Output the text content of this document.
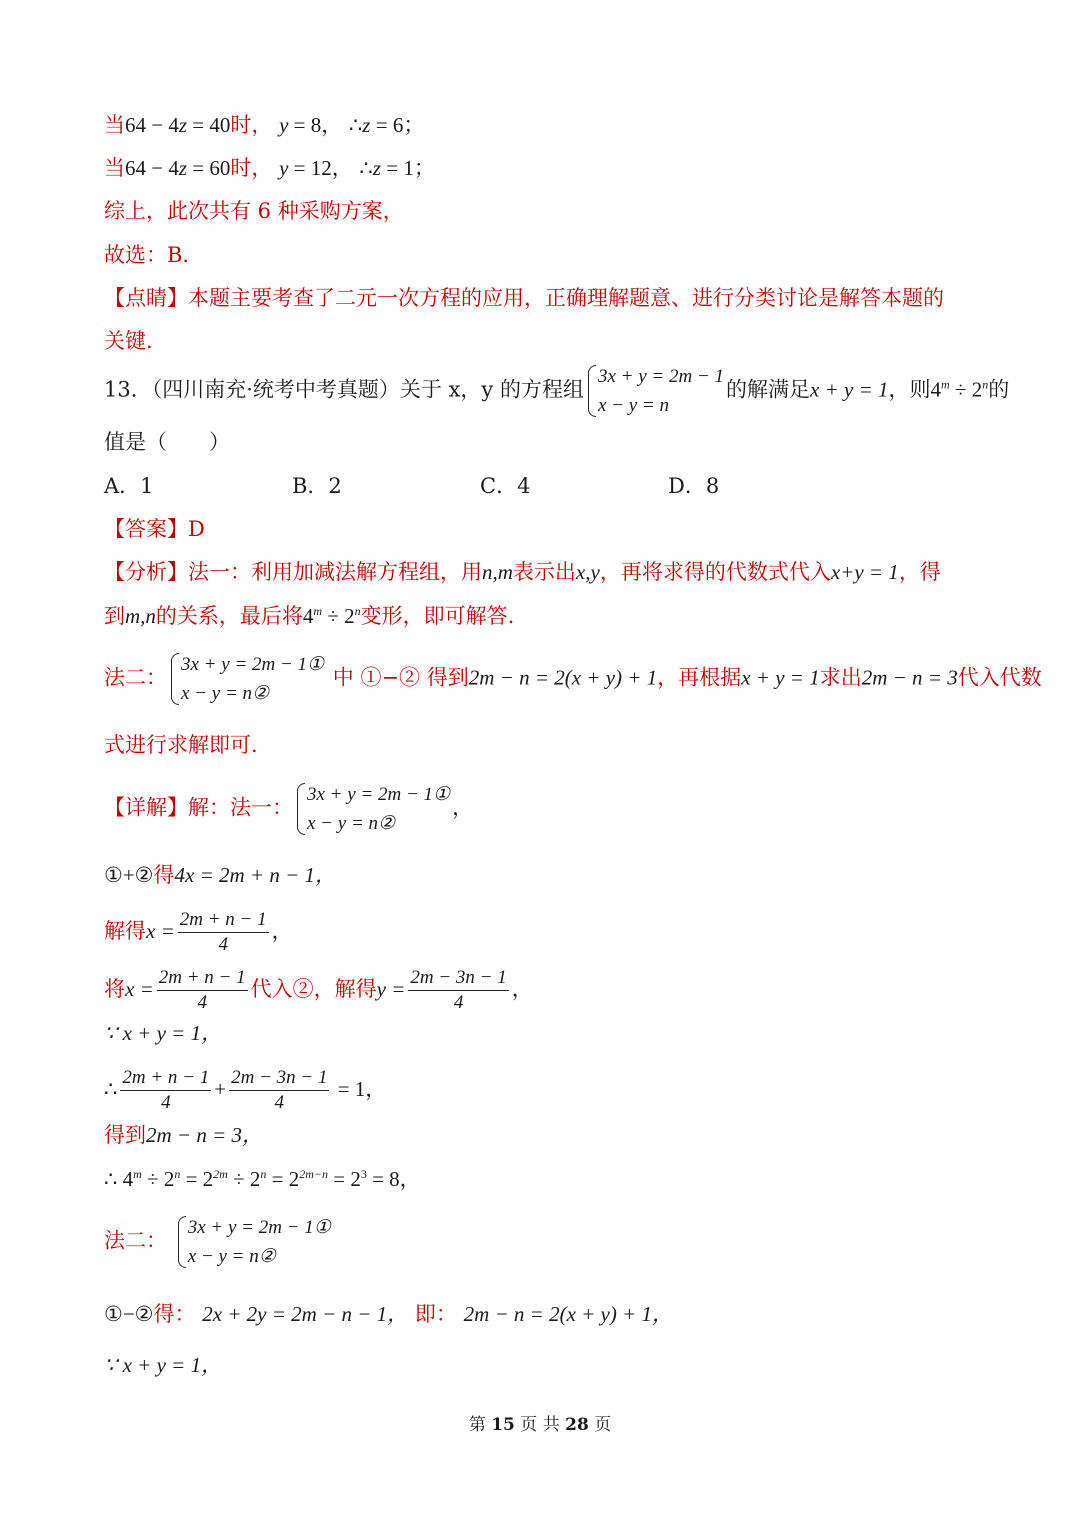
当64 − 4z = 40时， y = 8， ∴z = 6；
当64 − 4z = 60时， y = 12， ∴z = 1；
综上，此次共有 6 种采购方案，
故选：B.
【点睛】本题主要考查了二元一次方程的应用，正确理解题意、进行分类讨论是解答本题的
关键.
13．（四川南充·统考中考真题）关于 x，y 的方程组
3x + y = 2m − 1
x − y = n
的解满足x + y = 1，则$4^m \div 2^n$的
值是（　　）
A．1	B．2	C．4	D．8
【答案】D
【分析】法一：利用加减法解方程组，用n,m表示出x,y，再将求得的代数式代入x+y = 1，得
到m,n的关系，最后将$4^m \div 2^n$变形，即可解答.
法二：
3x + y = 2m − 1①
x − y = n②
中 ①−② 得到2m − n = 2(x + y) + 1，再根据x + y = 1求出2m − n = 3代入代数
式进行求解即可.
【详解】解：法一：
3x + y = 2m − 1①
x − y = n②
，
①+②得4x = 2m + n − 1，
解得$x = \frac{2m + n - 1}{4}$ ，
将$x = \frac{2m + n - 1}{4}$ 代入②，解得$y = \frac{2m - 3n - 1}{4}$ ，
∵ x + y = 1，
∴ $\frac{2m + n - 1}{4} + \frac{2m - 3n - 1}{4} = 1$，
得到2m − n = 3，
∴ $4^m \div 2^n = 2^{2m} \div 2^n = 2^{2m-n} = 2^3 = 8$，
法二：
3x + y = 2m − 1①
x − y = n②
①−②得： 2x + 2y = 2m − n − 1， 即： 2m − n = 2(x + y) + 1，
∵ x + y = 1，
第 15 页 共 28 页
